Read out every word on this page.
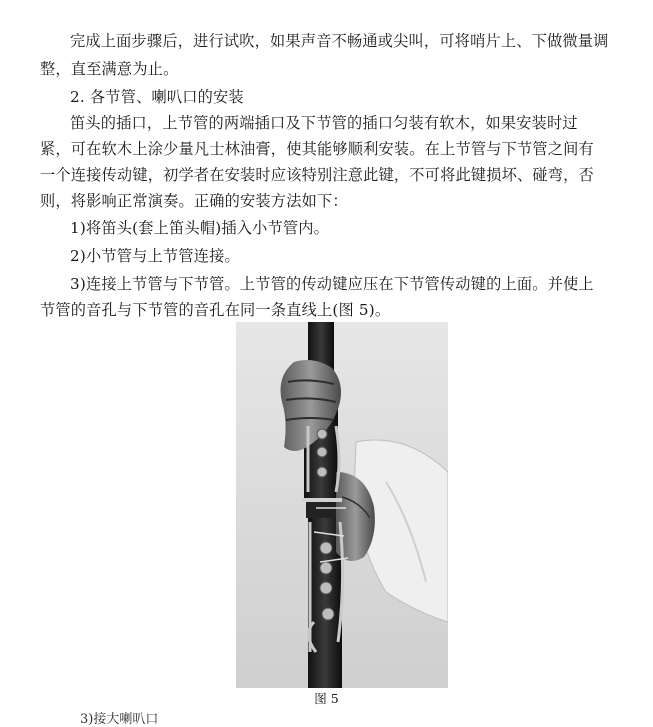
完成上面步骤后，进行试吹，如果声音不畅通或尖叫，可将哨片上、下做微量调
整，直至满意为止。
2. 各节管、喇叭口的安装
笛头的插口，上节管的两端插口及下节管的插口匀装有软木，如果安装时过
紧，可在软木上涂少量凡士林油膏，使其能够顺利安装。在上节管与下节管之间有
一个连接传动键，初学者在安装时应该特别注意此键，不可将此键损坏、碰弯，否
则，将影响正常演奏。正确的安装方法如下：
1)将笛头(套上笛头帽)插入小节管内。
2)小节管与上节管连接。
3)连接上节管与下节管。上节管的传动键应压在下节管传动键的上面。并使上
节管的音孔与下节管的音孔在同一条直线上(图 5)。
图 5
3)接大喇叭口
